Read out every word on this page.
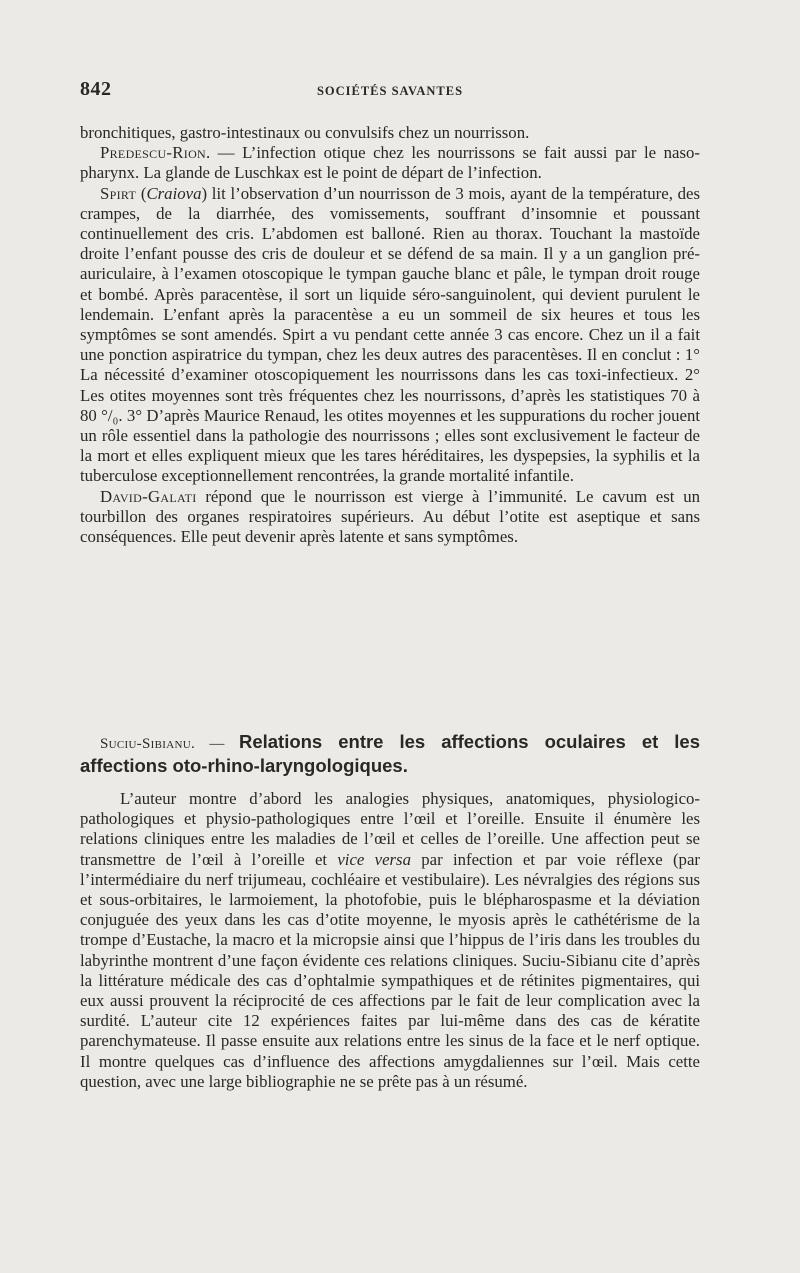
842	SOCIÉTÉS SAVANTES

bronchitiques, gastro-intestinaux ou convulsifs chez un nourrisson.

Predescu-Rion. — L’infection otique chez les nourrissons se fait aussi par le naso-pharynx. La glande de Luschkax est le point de départ de l’infection.

Spirt (Craiova) lit l’observation d’un nourrisson de 3 mois, ayant de la température, des crampes, de la diarrhée, des vomissements, souffrant d’insomnie et poussant continuellement des cris. L’abdomen est balloné. Rien au thorax. Touchant la mastoïde droite l’enfant pousse des cris de douleur et se défend de sa main. Il y a un ganglion pré-auriculaire, à l’examen otoscopique le tympan gauche blanc et pâle, le tympan droit rouge et bombé. Après paracentèse, il sort un liquide séro-sanguinolent, qui devient purulent le lendemain. L’enfant après la paracentèse a eu un sommeil de six heures et tous les symptômes se sont amendés. Spirt a vu pendant cette année 3 cas encore. Chez un il a fait une ponction aspiratrice du tympan, chez les deux autres des paracentèses. Il en conclut : 1° La nécessité d’examiner otoscopiquement les nourrissons dans les cas toxi-infectieux. 2° Les otites moyennes sont très fréquentes chez les nourrissons, d’après les statistiques 70 à 80 °/₀. 3° D’après Maurice Renaud, les otites moyennes et les suppurations du rocher jouent un rôle essentiel dans la pathologie des nourrissons ; elles sont exclusivement le facteur de la mort et elles expliquent mieux que les tares héréditaires, les dyspepsies, la syphilis et la tuberculose exceptionnellement rencontrées, la grande mortalité infantile.

David-Galati répond que le nourrisson est vierge à l’immunité. Le cavum est un tourbillon des organes respiratoires supérieurs. Au début l’otite est aseptique et sans conséquences. Elle peut devenir après latente et sans symptômes.

Suciu-Sibianu. — Relations entre les affections oculaires et les affections oto-rhino-laryngologiques.

L’auteur montre d’abord les analogies physiques, anatomiques, physiologico-pathologiques et physio-pathologiques entre l’œil et l’oreille. Ensuite il énumère les relations cliniques entre les maladies de l’œil et celles de l’oreille. Une affection peut se transmettre de l’œil à l’oreille et vice versa par infection et par voie réflexe (par l’intermédiaire du nerf trijumeau, cochléaire et vestibulaire). Les névralgies des régions sus et sous-orbitaires, le larmoiement, la photofobie, puis le blépharospasme et la déviation conjuguée des yeux dans les cas d’otite moyenne, le myosis après le cathétérisme de la trompe d’Eustache, la macro et la micropsie ainsi que l’hippus de l’iris dans les troubles du labyrinthe montrent d’une façon évidente ces relations cliniques. Suciu-Sibianu cite d’après la littérature médicale des cas d’ophtalmie sympathiques et de rétinites pigmentaires, qui eux aussi prouvent la réciprocité de ces affections par le fait de leur complication avec la surdité. L’auteur cite 12 expériences faites par lui-même dans des cas de kératite parenchymateuse. Il passe ensuite aux relations entre les sinus de la face et le nerf optique. Il montre quelques cas d’influence des affections amygdaliennes sur l’œil. Mais cette question, avec une large bibliographie ne se prête pas à un résumé.
